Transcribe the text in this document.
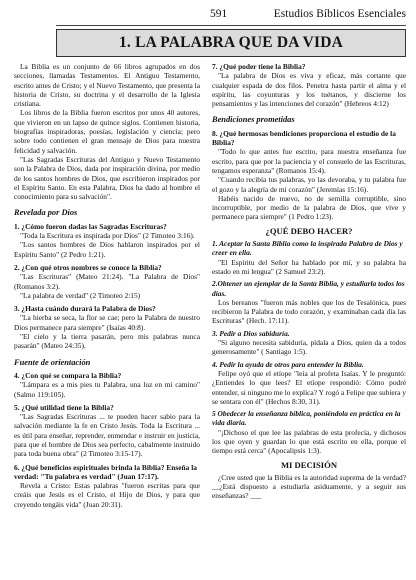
591	Estudios Bíblicos Esenciales
1. LA PALABRA QUE DA VIDA

La Biblia es un conjunto de 66 libros agrupados en dos secciones, llamadas Testamentos. El Antiguo Testamento, escrito antes de Cristo; y el Nuevo Testamento, que presenta la historia de Cristo, su doctrina y el desarrollo de la Iglesia cristiana.

Los libros de la Biblia fueron escritos por unos 40 autores, que vivieron en un lapso de quince siglos. Contienen historia, biografías inspiradoras, poesías, legislación y ciencia; pero sobre todo contienen el gran mensaje de Dios para nuestra felicidad y salvación.

"Las Sagradas Escrituras del Antiguo y Nuevo Testamento son la Palabra de Dios, dada por inspiración divina, por medio de los santos hombres de Dios, que escribieron inspirados por el Espíritu Santo. En esta Palabra, Dios ha dado al hombre el conocimiento para su salvación".

Revelada por Dios

1. ¿Cómo fueron dadas las Sagradas Escrituras?

"Toda la Escritura es inspirada por Dios" (2 Timoteo 3:16).

"Los santos hombres de Dios hablaron inspirados por el Espíritu Santo" (2 Pedro 1:21).

2. ¿Con qué otros nombres se conoce la Biblia?

"Las Escrituras" (Mateo 21:24). "La Palabra de Dios" (Romanos 3:2).

"La palabra de verdad" (2 Timoteo 2:15)

3. ¿Hasta cuándo durará la Palabra de Dios?

"La hierba se seca, la flor se cae; pero la Palabra de nuestro Dios permanece para siempre" (Isaías 40:8).

"El cielo y la tierra pasarán, pero mis palabras nunca pasarán" (Mateo 24:35).

Fuente de orientación

4. ¿Con qué se compara la Biblia?

"Lámpara es a mis pies tu Palabra, una luz en mi camino" (Salmo 119:105).

5. ¿Qué utilidad tiene la Biblia?

"Las Sagradas Escrituras ... te pueden hacer sabio para la salvación mediante la fe en Cristo Jesús. Toda la Escritura ... es útil para enseñar, reprender, enmendar e instruir en justicia, para que el hombre de Dios sea perfecto, cabalmente instruido para toda buena obra" (2 Timoteo 3:15-17).

6. ¿Qué beneficios espirituales brinda la Biblia? Enseña la verdad: "Tu palabra es verdad" (Juan 17:17).

Revela a Cristo: Estas palabras "fueron escritas para que creáis que Jesús es el Cristo, el Hijo de Dios, y para que creyendo tengáis vida" (Juan 20:31).

7. ¿Qué poder tiene la Biblia?

"La palabra de Dios es viva y eficaz, más cortante que cualquier espada de dos filos. Penetra hasta partir el alma y el espíritu, las coyunturas y los tuétanos, y discierne los pensamientos y las intenciones del corazón" (Hebreos 4:12)

Bendiciones prometidas

8. ¿Qué hermosas bendiciones proporciona el estudio de la Biblia?

"Todo lo que antes fue escrito, para nuestra enseñanza fue escrito, para que por la paciencia y el consuelo de las Escrituras, tengamos esperanza" (Romanos 15:4).

"Cuando recibía tus palabras, yo las devoraba, y tu palabra fue el gozo y la alegría de mi corazón" (Jeremías 15:16).

Habéis nacido de nuevo, no de semilla corruptible, sino incorruptible, por medio de la palabra de Dios, que vive y permanece para siempre" (1 Pedro 1:23).

¿QUÉ DEBO HACER?

1. Aceptar la Santa Biblia como la inspirada Palabra de Dios y creer en ella.

"El Espíritu del Señor ha hablado por mí, y su palabra ha estado en mi lengua" (2 Samuel 23:2).

2.Obtener un ejemplar de la Santa Biblia, y estudiarla todos los días.

Los bereanos "fueron más nobles que los de Tesalónica, pues recibieron la Palabra de todo corazón, y examinaban cada día las Escrituras" (Hech. 17:11).

3. Pedir a Dios sabiduría.

"Si alguno necesita sabiduría, pídala a Dios, quien da a todos generosamente" ( Santiago 1:5).

4. Pedir la ayuda de otros para entender la Biblia.

Felipe oyó que el etíope "leía al profeta Isaías. Y le preguntó: ¿Entiendes lo que lees? El etíope respondió: Cómo podré entender, si ninguno me lo explica? Y rogó a Felipe que subiera y se sentara con él" (Hechos 8:30, 31).

5 Obedecer la enseñanza bíblica, poniéndola en práctica en la vida diaria.

"¡Dichoso el que lee las palabras de esta profecía, y dichosos los que oyen y guardan lo que está escrito en ella, porque el tiempo está cerca" (Apocalipsis 1:3).

MI DECISIÓN

¿Cree usted que la Biblia es la autoridad suprema de la verdad? __¿Está dispuesto a estudiarla asiduamente, y a seguir sus enseñanzas? ___
